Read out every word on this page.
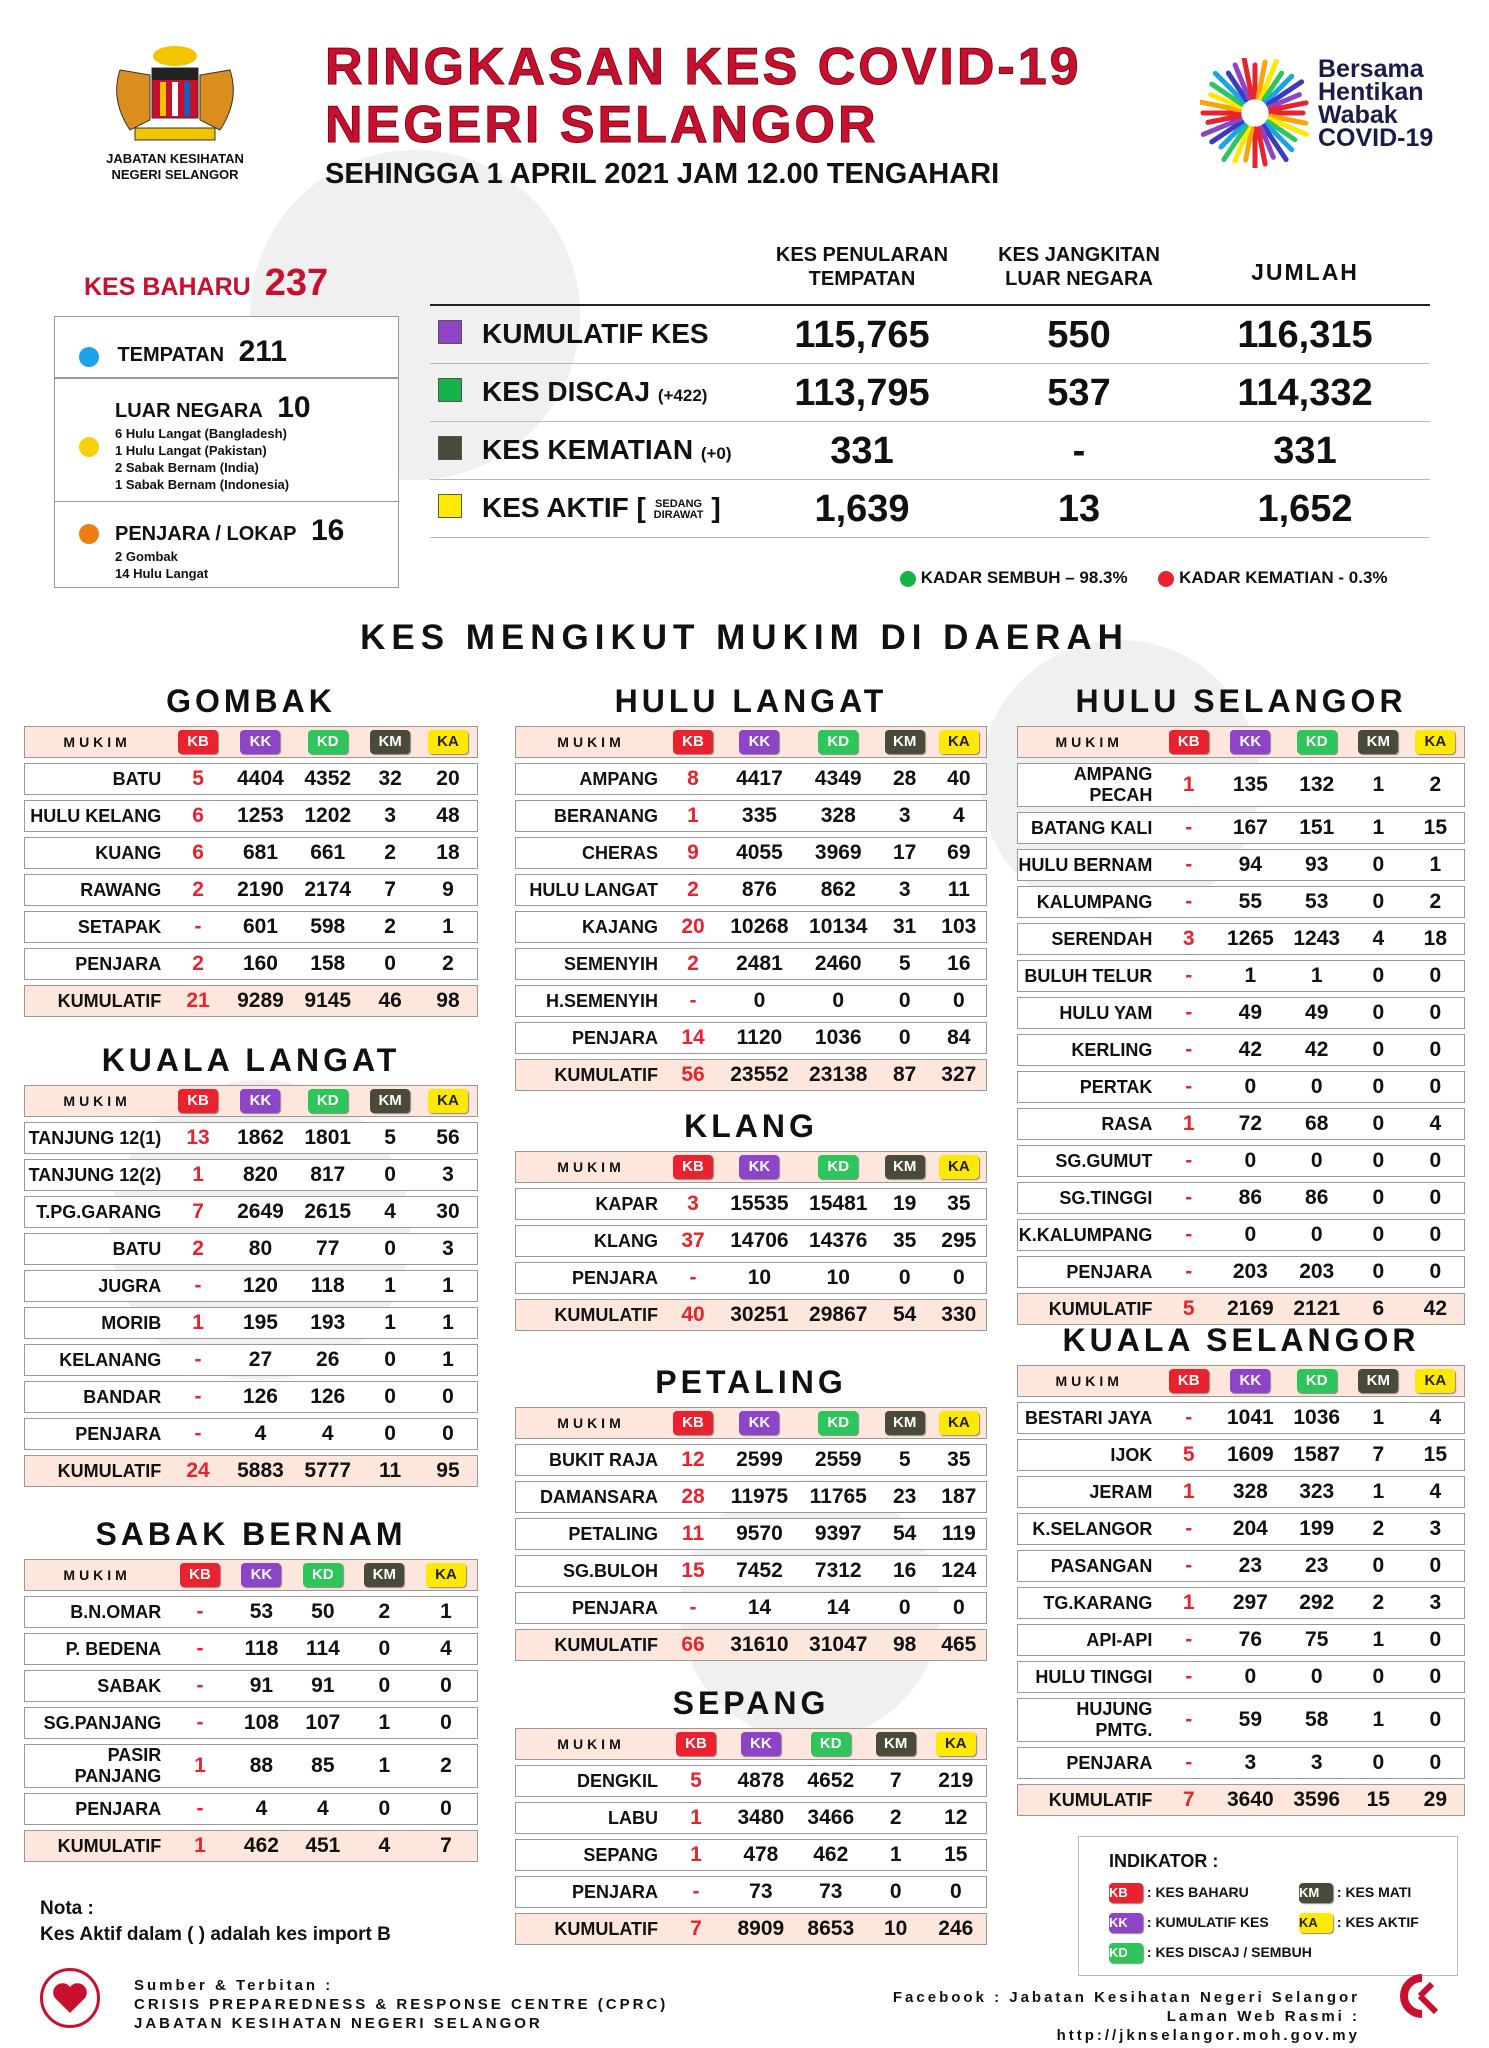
JABATAN KESIHATAN NEGERI SELANGOR
RINGKASAN KES COVID-19
NEGERI SELANGOR
SEHINGGA 1 APRIL 2021 JAM 12.00 TENGAHARI
Bersama
Hentikan
Wabak
COVID-19
KES BAHARU 237
TEMPATAN 211
LUAR NEGARA 10
6 Hulu Langat (Bangladesh)
1 Hulu Langat (Pakistan)
2 Sabak Bernam (India)
1 Sabak Bernam (Indonesia)
PENJARA / LOKAP 16
2 Gombak
14 Hulu Langat
KES PENULARAN
TEMPATAN
KES JANGKITAN
LUAR NEGARA	JUMLAH
KUMULATIF KES	115,765	550	116,315
KES DISCAJ (+422)	113,795	537	114,332
KES KEMATIAN (+0)	331	-	331
KES AKTIF [ SEDANG
DIRAWAT ]	1,639	13	1,652
KADAR SEMBUH – 98.3%	KADAR KEMATIAN - 0.3%
KES MENGIKUT MUKIM DI DAERAH
GOMBAK
MUKIM	KB	KK	KD	KM	KA
BATU	5	4404	4352	32	20
HULU KELANG	6	1253	1202	3	48
KUANG	6	681	661	2	18
RAWANG	2	2190	2174	7	9
SETAPAK	-	601	598	2	1
PENJARA	2	160	158	0	2
KUMULATIF	21	9289	9145	46	98
KUALA LANGAT
MUKIM	KB	KK	KD	KM	KA
TANJUNG 12(1)	13	1862	1801	5	56
TANJUNG 12(2)	1	820	817	0	3
T.PG.GARANG	7	2649	2615	4	30
BATU	2	80	77	0	3
JUGRA	-	120	118	1	1
MORIB	1	195	193	1	1
KELANANG	-	27	26	0	1
BANDAR	-	126	126	0	0
PENJARA	-	4	4	0	0
KUMULATIF	24	5883	5777	11	95
SABAK BERNAM
MUKIM	KB	KK	KD	KM	KA
B.N.OMAR	-	53	50	2	1
P. BEDENA	-	118	114	0	4
SABAK	-	91	91	0	0
SG.PANJANG	-	108	107	1	0
PASIR PANJANG	1	88	85	1	2
PENJARA	-	4	4	0	0
KUMULATIF	1	462	451	4	7
HULU LANGAT
MUKIM	KB	KK	KD	KM	KA
AMPANG	8	4417	4349	28	40
BERANANG	1	335	328	3	4
CHERAS	9	4055	3969	17	69
HULU LANGAT	2	876	862	3	11
KAJANG	20	10268	10134	31	103
SEMENYIH	2	2481	2460	5	16
H.SEMENYIH	-	0	0	0	0
PENJARA	14	1120	1036	0	84
KUMULATIF	56	23552	23138	87	327
KLANG
MUKIM	KB	KK	KD	KM	KA
KAPAR	3	15535	15481	19	35
KLANG	37	14706	14376	35	295
PENJARA	-	10	10	0	0
KUMULATIF	40	30251	29867	54	330
PETALING
MUKIM	KB	KK	KD	KM	KA
BUKIT RAJA	12	2599	2559	5	35
DAMANSARA	28	11975	11765	23	187
PETALING	11	9570	9397	54	119
SG.BULOH	15	7452	7312	16	124
PENJARA	-	14	14	0	0
KUMULATIF	66	31610	31047	98	465
SEPANG
MUKIM	KB	KK	KD	KM	KA
DENGKIL	5	4878	4652	7	219
LABU	1	3480	3466	2	12
SEPANG	1	478	462	1	15
PENJARA	-	73	73	0	0
KUMULATIF	7	8909	8653	10	246
HULU SELANGOR
MUKIM	KB	KK	KD	KM	KA
AMPANG PECAH	1	135	132	1	2
BATANG KALI	-	167	151	1	15
HULU BERNAM	-	94	93	0	1
KALUMPANG	-	55	53	0	2
SERENDAH	3	1265	1243	4	18
BULUH TELUR	-	1	1	0	0
HULU YAM	-	49	49	0	0
KERLING	-	42	42	0	0
PERTAK	-	0	0	0	0
RASA	1	72	68	0	4
SG.GUMUT	-	0	0	0	0
SG.TINGGI	-	86	86	0	0
K.KALUMPANG	-	0	0	0	0
PENJARA	-	203	203	0	0
KUMULATIF	5	2169	2121	6	42
KUALA SELANGOR
MUKIM	KB	KK	KD	KM	KA
BESTARI JAYA	-	1041	1036	1	4
IJOK	5	1609	1587	7	15
JERAM	1	328	323	1	4
K.SELANGOR	-	204	199	2	3
PASANGAN	-	23	23	0	0
TG.KARANG	1	297	292	2	3
API-API	-	76	75	1	0
HULU TINGGI	-	0	0	0	0
HUJUNG PMTG.	-	59	58	1	0
PENJARA	-	3	3	0	0
KUMULATIF	7	3640	3596	15	29
Nota :
Kes Aktif dalam ( ) adalah kes import B
INDIKATOR :
KB : KES BAHARU
KK : KUMULATIF KES
KD : KES DISCAJ / SEMBUH
KM : KES MATI
KA : KES AKTIF
Sumber & Terbitan :
CRISIS PREPAREDNESS & RESPONSE CENTRE (CPRC)
JABATAN KESIHATAN NEGERI SELANGOR
Facebook : Jabatan Kesihatan Negeri Selangor
Laman Web Rasmi : http://jknselangor.moh.gov.my
